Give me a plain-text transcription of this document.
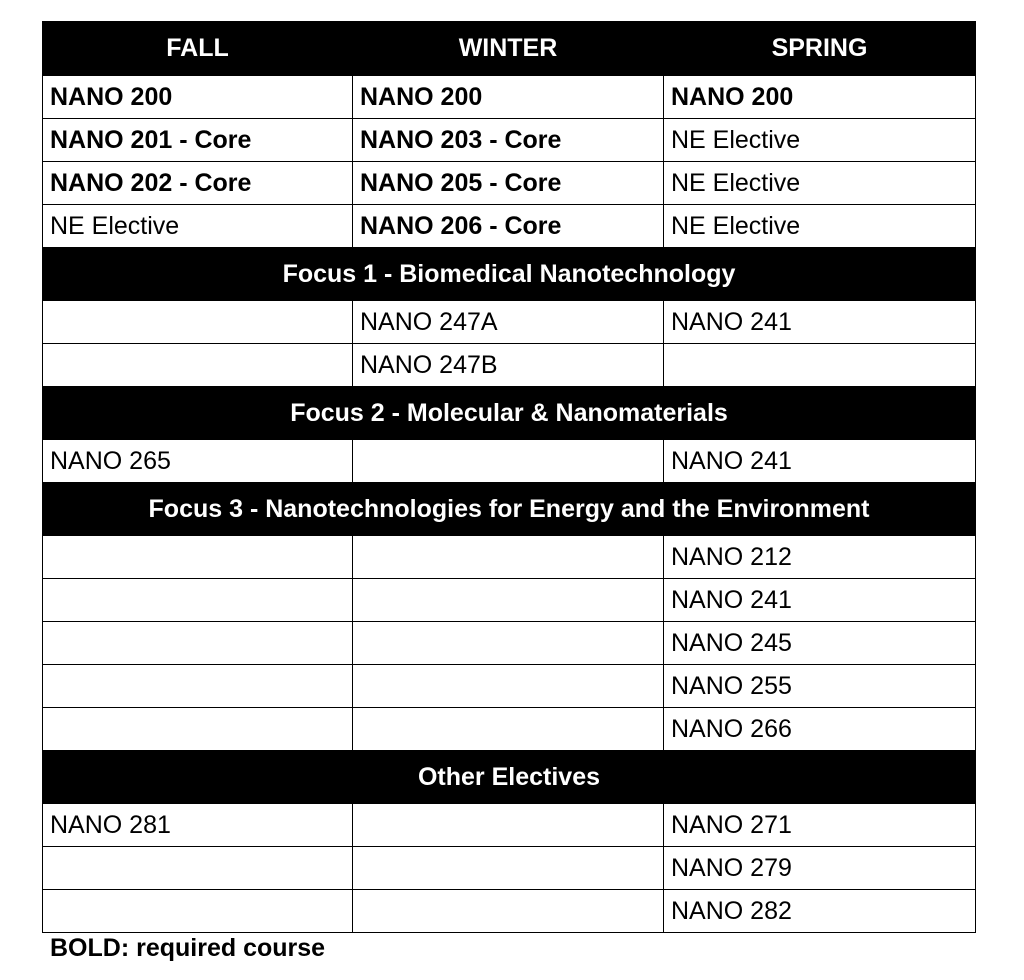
FALL	WINTER	SPRING
NANO 200	NANO 200	NANO 200
NANO 201 - Core	NANO 203 - Core	NE Elective
NANO 202 - Core	NANO 205 - Core	NE Elective
NE Elective	NANO 206 - Core	NE Elective
Focus 1 - Biomedical Nanotechnology		
	NANO 247A	NANO 241
	NANO 247B	
Focus 2 - Molecular & Nanomaterials		
NANO 265		NANO 241
Focus 3 - Nanotechnologies for Energy and the Environment		
		NANO 212
		NANO 241
		NANO 245
		NANO 255
		NANO 266
Other Electives		
NANO 281		NANO 271
		NANO 279
		NANO 282
BOLD: required course
